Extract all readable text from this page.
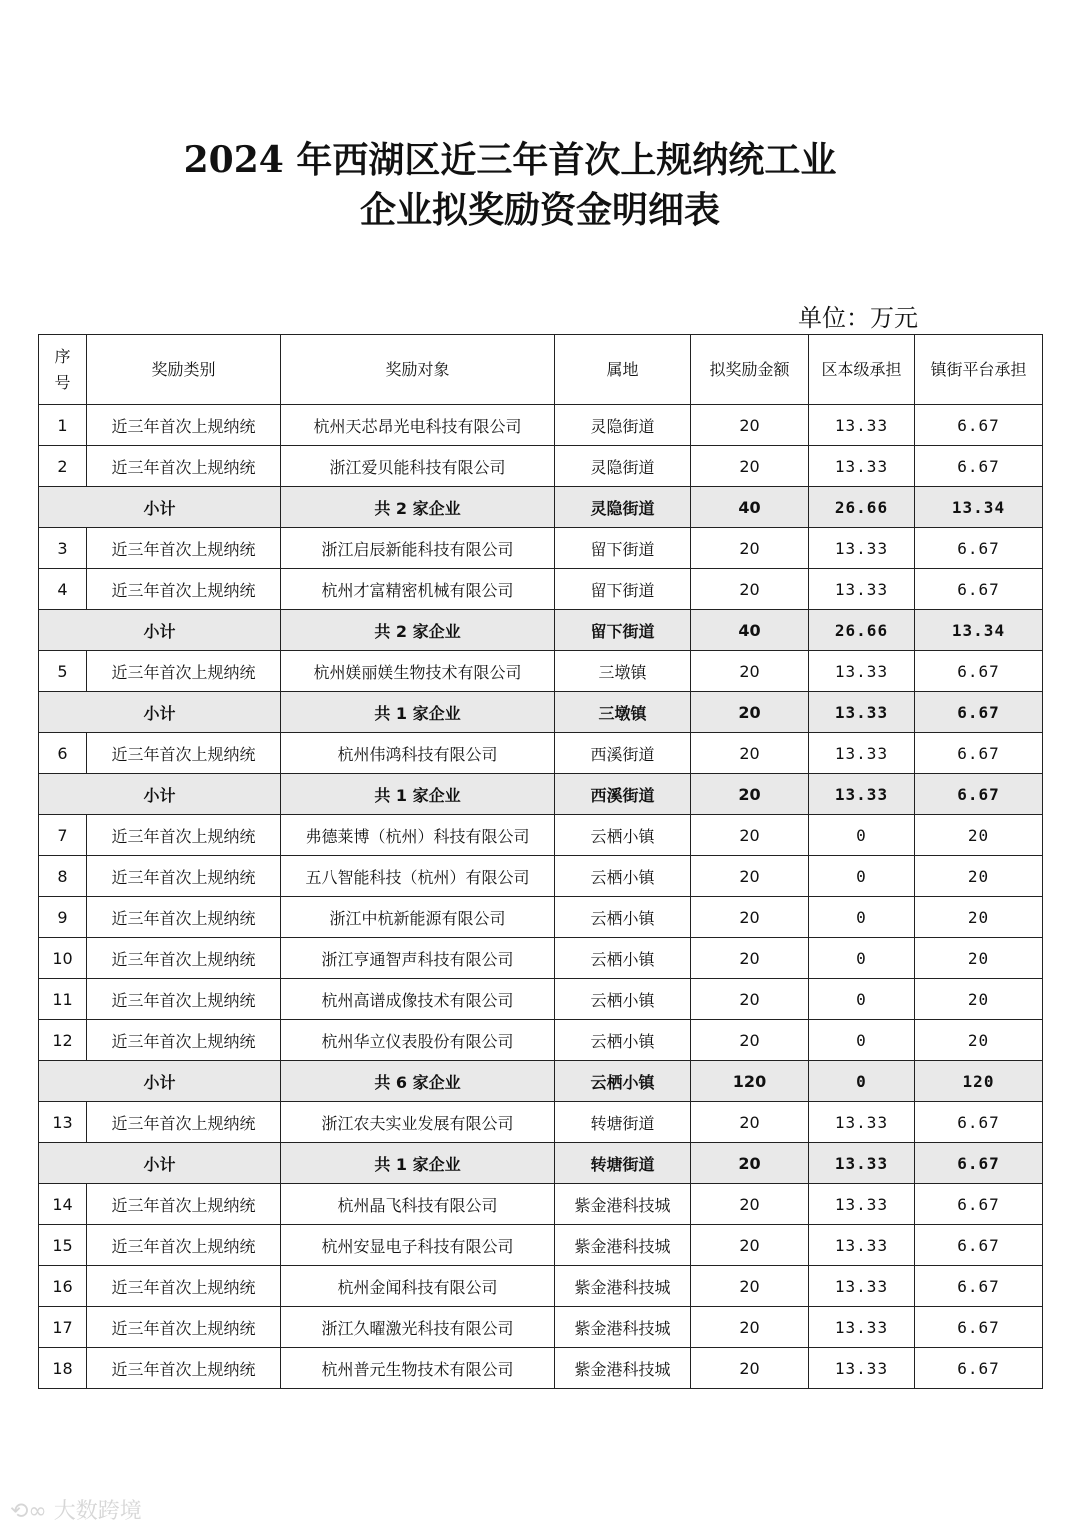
2024 年西湖区近三年首次上规纳统工业
企业拟奖励资金明细表
单位：万元
序号	奖励类别	奖励对象	属地	拟奖励金额	区本级承担	镇街平台承担
1	近三年首次上规纳统	杭州天芯昂光电科技有限公司	灵隐街道	20	13.33	6.67
2	近三年首次上规纳统	浙江爱贝能科技有限公司	灵隐街道	20	13.33	6.67
小计		共 2 家企业	灵隐街道	40	26.66	13.34
3	近三年首次上规纳统	浙江启辰新能科技有限公司	留下街道	20	13.33	6.67
4	近三年首次上规纳统	杭州才富精密机械有限公司	留下街道	20	13.33	6.67
小计		共 2 家企业	留下街道	40	26.66	13.34
5	近三年首次上规纳统	杭州媄丽媄生物技术有限公司	三墩镇	20	13.33	6.67
小计		共 1 家企业	三墩镇	20	13.33	6.67
6	近三年首次上规纳统	杭州伟鸿科技有限公司	西溪街道	20	13.33	6.67
小计		共 1 家企业	西溪街道	20	13.33	6.67
7	近三年首次上规纳统	弗德莱博（杭州）科技有限公司	云栖小镇	20	0	20
8	近三年首次上规纳统	五八智能科技（杭州）有限公司	云栖小镇	20	0	20
9	近三年首次上规纳统	浙江中杭新能源有限公司	云栖小镇	20	0	20
10	近三年首次上规纳统	浙江亨通智声科技有限公司	云栖小镇	20	0	20
11	近三年首次上规纳统	杭州高谱成像技术有限公司	云栖小镇	20	0	20
12	近三年首次上规纳统	杭州华立仪表股份有限公司	云栖小镇	20	0	20
小计		共 6 家企业	云栖小镇	120	0	120
13	近三年首次上规纳统	浙江农夫实业发展有限公司	转塘街道	20	13.33	6.67
小计		共 1 家企业	转塘街道	20	13.33	6.67
14	近三年首次上规纳统	杭州晶飞科技有限公司	紫金港科技城	20	13.33	6.67
15	近三年首次上规纳统	杭州安显电子科技有限公司	紫金港科技城	20	13.33	6.67
16	近三年首次上规纳统	杭州金闻科技有限公司	紫金港科技城	20	13.33	6.67
17	近三年首次上规纳统	浙江久曜激光科技有限公司	紫金港科技城	20	13.33	6.67
18	近三年首次上规纳统	杭州普元生物技术有限公司	紫金港科技城	20	13.33	6.67
⟲∞ 大数跨境
